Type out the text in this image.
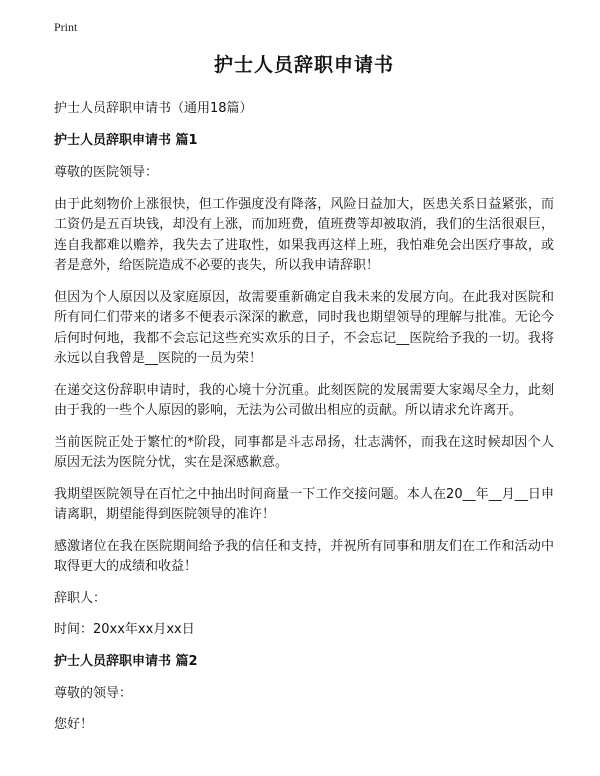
Print
护士人员辞职申请书
护士人员辞职申请书（通用18篇）
护士人员辞职申请书 篇1

尊敬的医院领导：

由于此刻物价上涨很快，但工作强度没有降落，风险日益加大，医患关系日益紧张，而工资仍是五百块钱，却没有上涨，而加班费，值班费等却被取消，我们的生活很艰巨，连自我都难以赡养，我失去了进取性，如果我再这样上班，我怕难免会出医疗事故，或者是意外，给医院造成不必要的丧失，所以我申请辞职！

但因为个人原因以及家庭原因，故需要重新确定自我未来的发展方向。在此我对医院和所有同仁们带来的诸多不便表示深深的歉意，同时我也期望领导的理解与批准。无论今后何时何地，我都不会忘记这些充实欢乐的日子，不会忘记__医院给予我的一切。我将永远以自我曾是__医院的一员为荣！

在递交这份辞职申请时，我的心境十分沉重。此刻医院的发展需要大家竭尽全力，此刻由于我的一些个人原因的影响，无法为公司做出相应的贡献。所以请求允许离开。

当前医院正处于繁忙的*阶段，同事都是斗志昂扬，壮志满怀，而我在这时候却因个人原因无法为医院分忧，实在是深感歉意。

我期望医院领导在百忙之中抽出时间商量一下工作交接问题。本人在20__年__月__日申请离职，期望能得到医院领导的准许！

感激诸位在我在医院期间给予我的信任和支持，并祝所有同事和朋友们在工作和活动中取得更大的成绩和收益！

辞职人：

时间：20xx年xx月xx日

护士人员辞职申请书 篇2

尊敬的领导：

您好！
